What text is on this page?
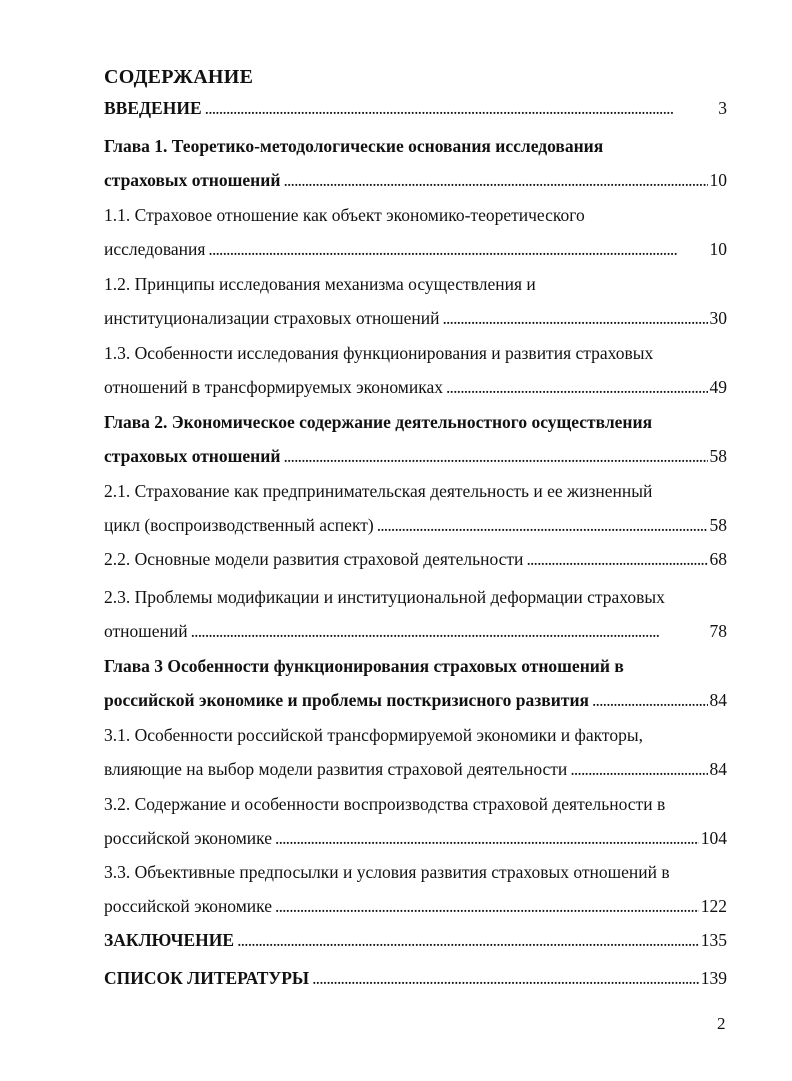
СОДЕРЖАНИЕ
ВВЕДЕНИЕ . . .	3
Глава 1. Теоретико-методологические основания исследования
страховых отношений . . .	10
1.1. Страховое отношение как объект экономико-теоретического
исследования . . .	10
1.2. Принципы исследования механизма осуществления и
институционализации страховых отношений . . .	30
1.3. Особенности исследования функционирования и развития страховых
отношений в трансформируемых экономиках . . .	49
Глава 2. Экономическое содержание деятельностного осуществления
страховых отношений . . .	58
2.1. Страхование как предпринимательская деятельность и ее жизненный
цикл (воспроизводственный аспект) . . .	58
2.2. Основные модели развития страховой деятельности . . .	68
2.3. Проблемы модификации и институциональной деформации страховых
отношений . . .	78
Глава 3 Особенности функционирования страховых отношений в
российской экономике и проблемы посткризисного развития . . .	84
3.1. Особенности российской трансформируемой экономики и факторы,
влияющие на выбор модели развития страховой деятельности . . .	84
3.2. Содержание и особенности воспроизводства страховой деятельности в
российской экономике . . .	104
3.3. Объективные предпосылки и условия развития страховых отношений в
российской экономике . . .	122
ЗАКЛЮЧЕНИЕ . . .	135
СПИСОК ЛИТЕРАТУРЫ . . .	139
2
